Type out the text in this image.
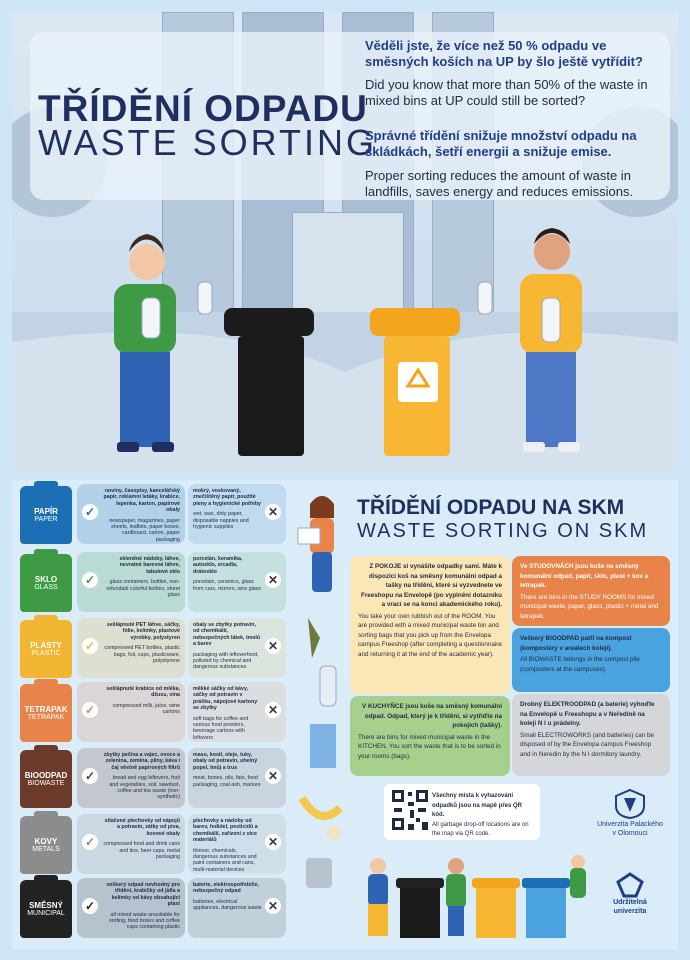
TŘÍDĚNÍ ODPADU
WASTE SORTING
Věděli jste, že více než 50 % odpadu ve směsných koších na UP by šlo ještě vytřídit?
Did you know that more than 50% of the waste in mixed bins at UP could still be sorted?
Správné třídění snižuje množství odpadu na skládkách, šetří energii a snižuje emise.
Proper sorting reduces the amount of waste in landfills, saves energy and reduces emissions.
PAPÍR
PAPER
✓
noviny, časopisy, kancelářský papír, reklamní letáky, krabice, lepenka, karton, papírové obaly
newspaper, magazines, paper sheets, leaflets, paper boxes, cardboard, carton, paper packaging
✕
mokrý, voskovaný, znečištěný papír, použité pleny a hygienické potřeby
wet, wax, dirty paper, disposable nappies and hygienic supplies
SKLO
GLASS
✓
skleněné nádoby, láhve, nevratné barevné láhve, tabulové sklo
glass containers, bottles, non-refundabl colorful bottles, sheet glass
✕
porcelán, keramika, autosklo, zrcadla, drátosklo
porcelain, ceramics, glass from cars, mirrors, wire glass
PLASTY
PLASTIC
✓
sešlápnuté PET láhve, sáčky, fólie, kelímky, plastové výrobky, polystyren
compressed PET bottles, plastic bags, foil, cups, plasticware, polystyrene
✕
obaly se zbytky potravin, od chemikálií, nebezpečných látek, tmelů a barev
packaging with leftoverfood, polluted by chemical and dangerous substances
TETRAPAK
TETRAPAK
✓
sešlápnuté krabice od mléka, džusu, vína
compressed milk, juice, wine cartons	✕
měkké sáčky od kávy, sáčky od potravin v prášku, nápojové kartony se zbytky
soft bags for coffee and various food powders, beverage cartons with leftovers
BIOODPAD
BIOWASTE
✓
zbytky pečiva a vajec, ovoce a zelenina, zemina, plíny, káva i čaj věetně papírových filtrů
bread and egg leftovers, fruit and vegetables, soil, sawdust, coffee and tea waste (non-synthetic)
✕
maso, kosti, oleje, tuky, obaly od potravin, uhelný popel, hnůj a trus
meat, bones, oils, fats, food packaging, coal ash, manure
KOVY
METALS
✓
stlačené plechovky od nápojů a potravin, zátky od piva, kovové obaly
compressed food and drink cans and tins, beer caps, metal packaging
✕
plechovky a nádoby od barev, ředidel, pesticidů a chemikálií, zařízení z více materiálů
thinner, chemicals, dangerous substances and paint containers and cans, multi-material devices
SMĚSNÝ
MUNICIPAL
✓
veškerý odpad nevhodný pro třídění, krabičky od jídla a kelímky od kávy obsahující plast
all mixed waste unsuitable for sorting, food boxes and coffee cups containing plastic
✕
baterie, elektrospotřebiče, nebezpečný odpad
batteries, electrical appliances, dangerous waste
TŘÍDĚNÍ ODPADU NA SKM
WASTE SORTING ON SKM
Z POKOJE si vynášíte odpadky sami. Máte k dispozici koš na směsný komunální odpad a tašky na třídění, které si vyzvednete ve Freeshopu na Envelopě (po vyplnění dotazníku a vrací se na konci akademického roku).
You take your own rubbish out of the ROOM. You are provided with a mixed municipal waste bin and sorting bags that you pick up from the Envelopa campus Freeshop (after completing a questionnaire and returning it at the end of the academic year).
Ve STUDOVNÁCH jsou koše na směsný komunální odpad, papír, sklo, plast + kov a tetrapak.
There are bins in the STUDY ROOMS for mixed municipal waste, paper, glass, plastic + metal and tetrapak.
Veškerý BIOODPAD patří na kompost (kompostéry v areálech kolejí).
All BIOWASTE belongs in the compost pile (composters at the campuses).
V KUCHYŇCE jsou koše na směsný komunální odpad. Odpad, který je k třídění, si vytřiďte na pokojích (tašky).
There are bins for mixed municipal waste in the KITCHEN. You sort the waste that is to be sorted in your rooms (bags).
Drobný ELEKTROODPAD (a baterie) vyhoďte na Envelopě u Freeshopu a v Neředíně na koleji N I u prádelny.
Small ELECTROWORKS (and batteries) can be disposed of by the Envelopa campus Freeshop and in Neredin by the N I dormitory laundry.
Všechny místa k vyhazování odpadků jsou na mapě přes QR kód.
All garbage drop-off locations are on the map via QR code.
Univerzita Palackého
v Olomouci
Udržitelná
univerzita
